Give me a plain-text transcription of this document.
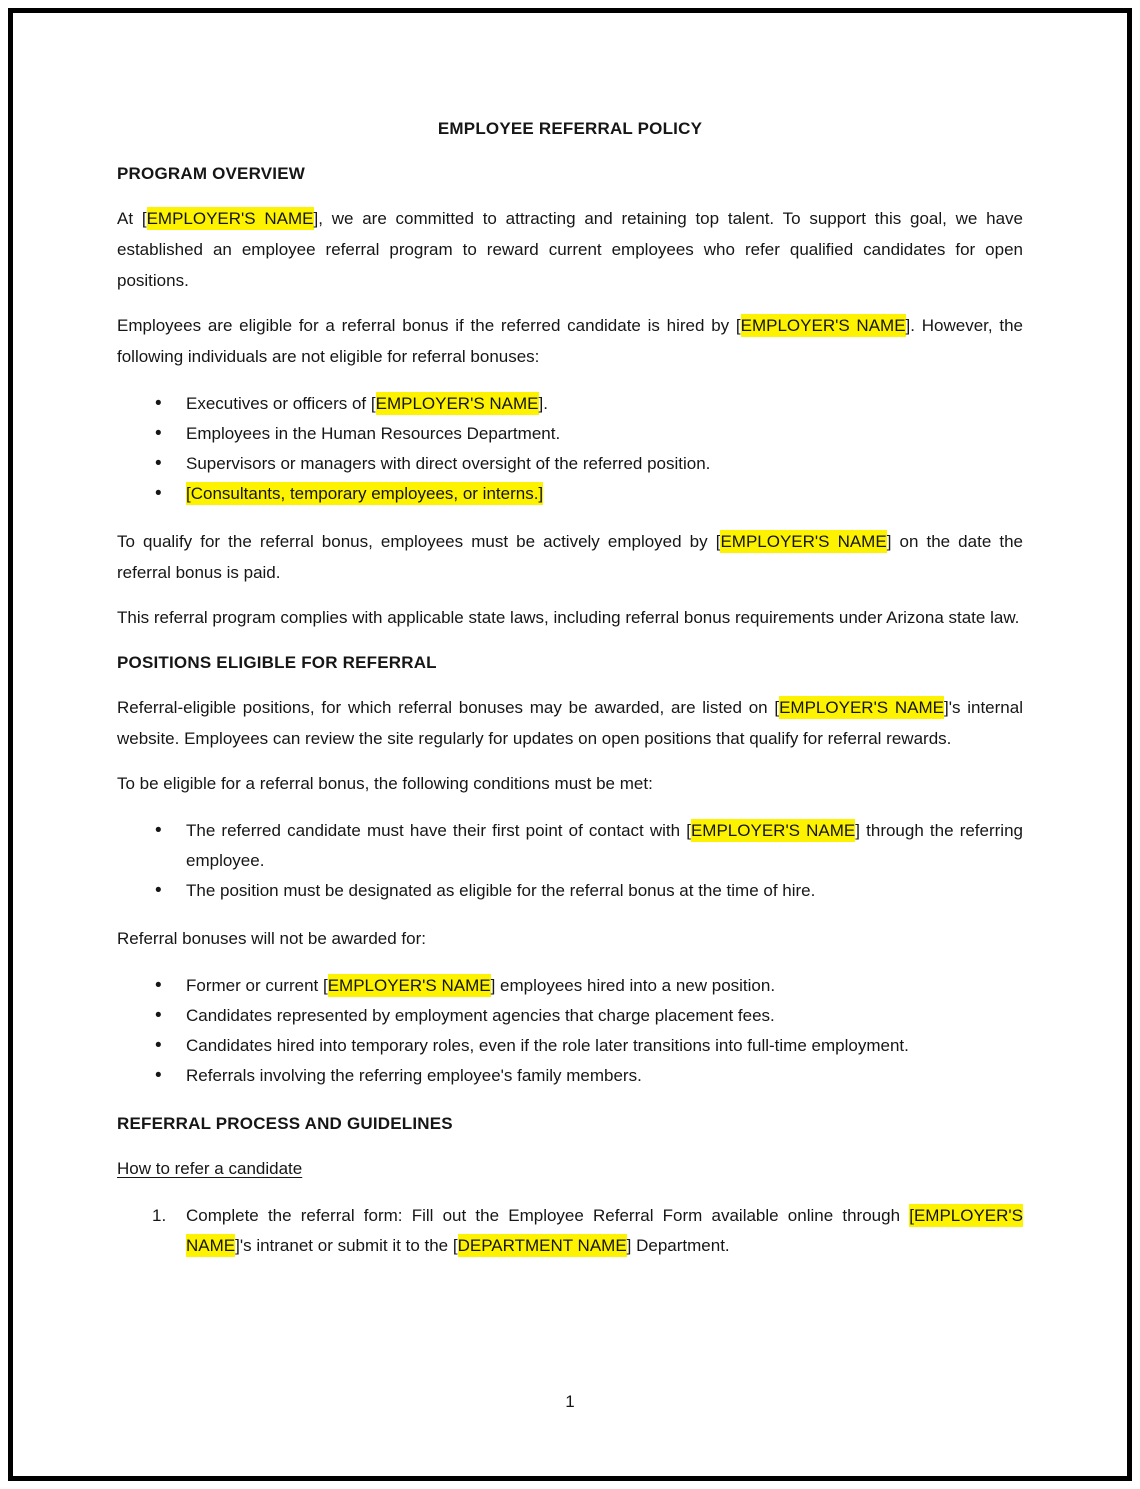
EMPLOYEE REFERRAL POLICY
PROGRAM OVERVIEW

At [EMPLOYER'S NAME], we are committed to attracting and retaining top talent. To support this goal, we have established an employee referral program to reward current employees who refer qualified candidates for open positions.

Employees are eligible for a referral bonus if the referred candidate is hired by [EMPLOYER'S NAME]. However, the following individuals are not eligible for referral bonuses:

• Executives or officers of [EMPLOYER'S NAME].
• Employees in the Human Resources Department.
• Supervisors or managers with direct oversight of the referred position.
• [Consultants, temporary employees, or interns.]

To qualify for the referral bonus, employees must be actively employed by [EMPLOYER'S NAME] on the date the referral bonus is paid.

This referral program complies with applicable state laws, including referral bonus requirements under Arizona state law.

POSITIONS ELIGIBLE FOR REFERRAL

Referral-eligible positions, for which referral bonuses may be awarded, are listed on [EMPLOYER'S NAME]'s internal website. Employees can review the site regularly for updates on open positions that qualify for referral rewards.

To be eligible for a referral bonus, the following conditions must be met:

• The referred candidate must have their first point of contact with [EMPLOYER'S NAME] through the referring employee.
• The position must be designated as eligible for the referral bonus at the time of hire.

Referral bonuses will not be awarded for:

• Former or current [EMPLOYER'S NAME] employees hired into a new position.
• Candidates represented by employment agencies that charge placement fees.
• Candidates hired into temporary roles, even if the role later transitions into full-time employment.
• Referrals involving the referring employee's family members.
REFERRAL PROCESS AND GUIDELINES
How to refer a candidate
Complete the referral form: Fill out the Employee Referral Form available online through [EMPLOYER'S NAME]'s intranet or submit it to the [DEPARTMENT NAME] Department.
1
